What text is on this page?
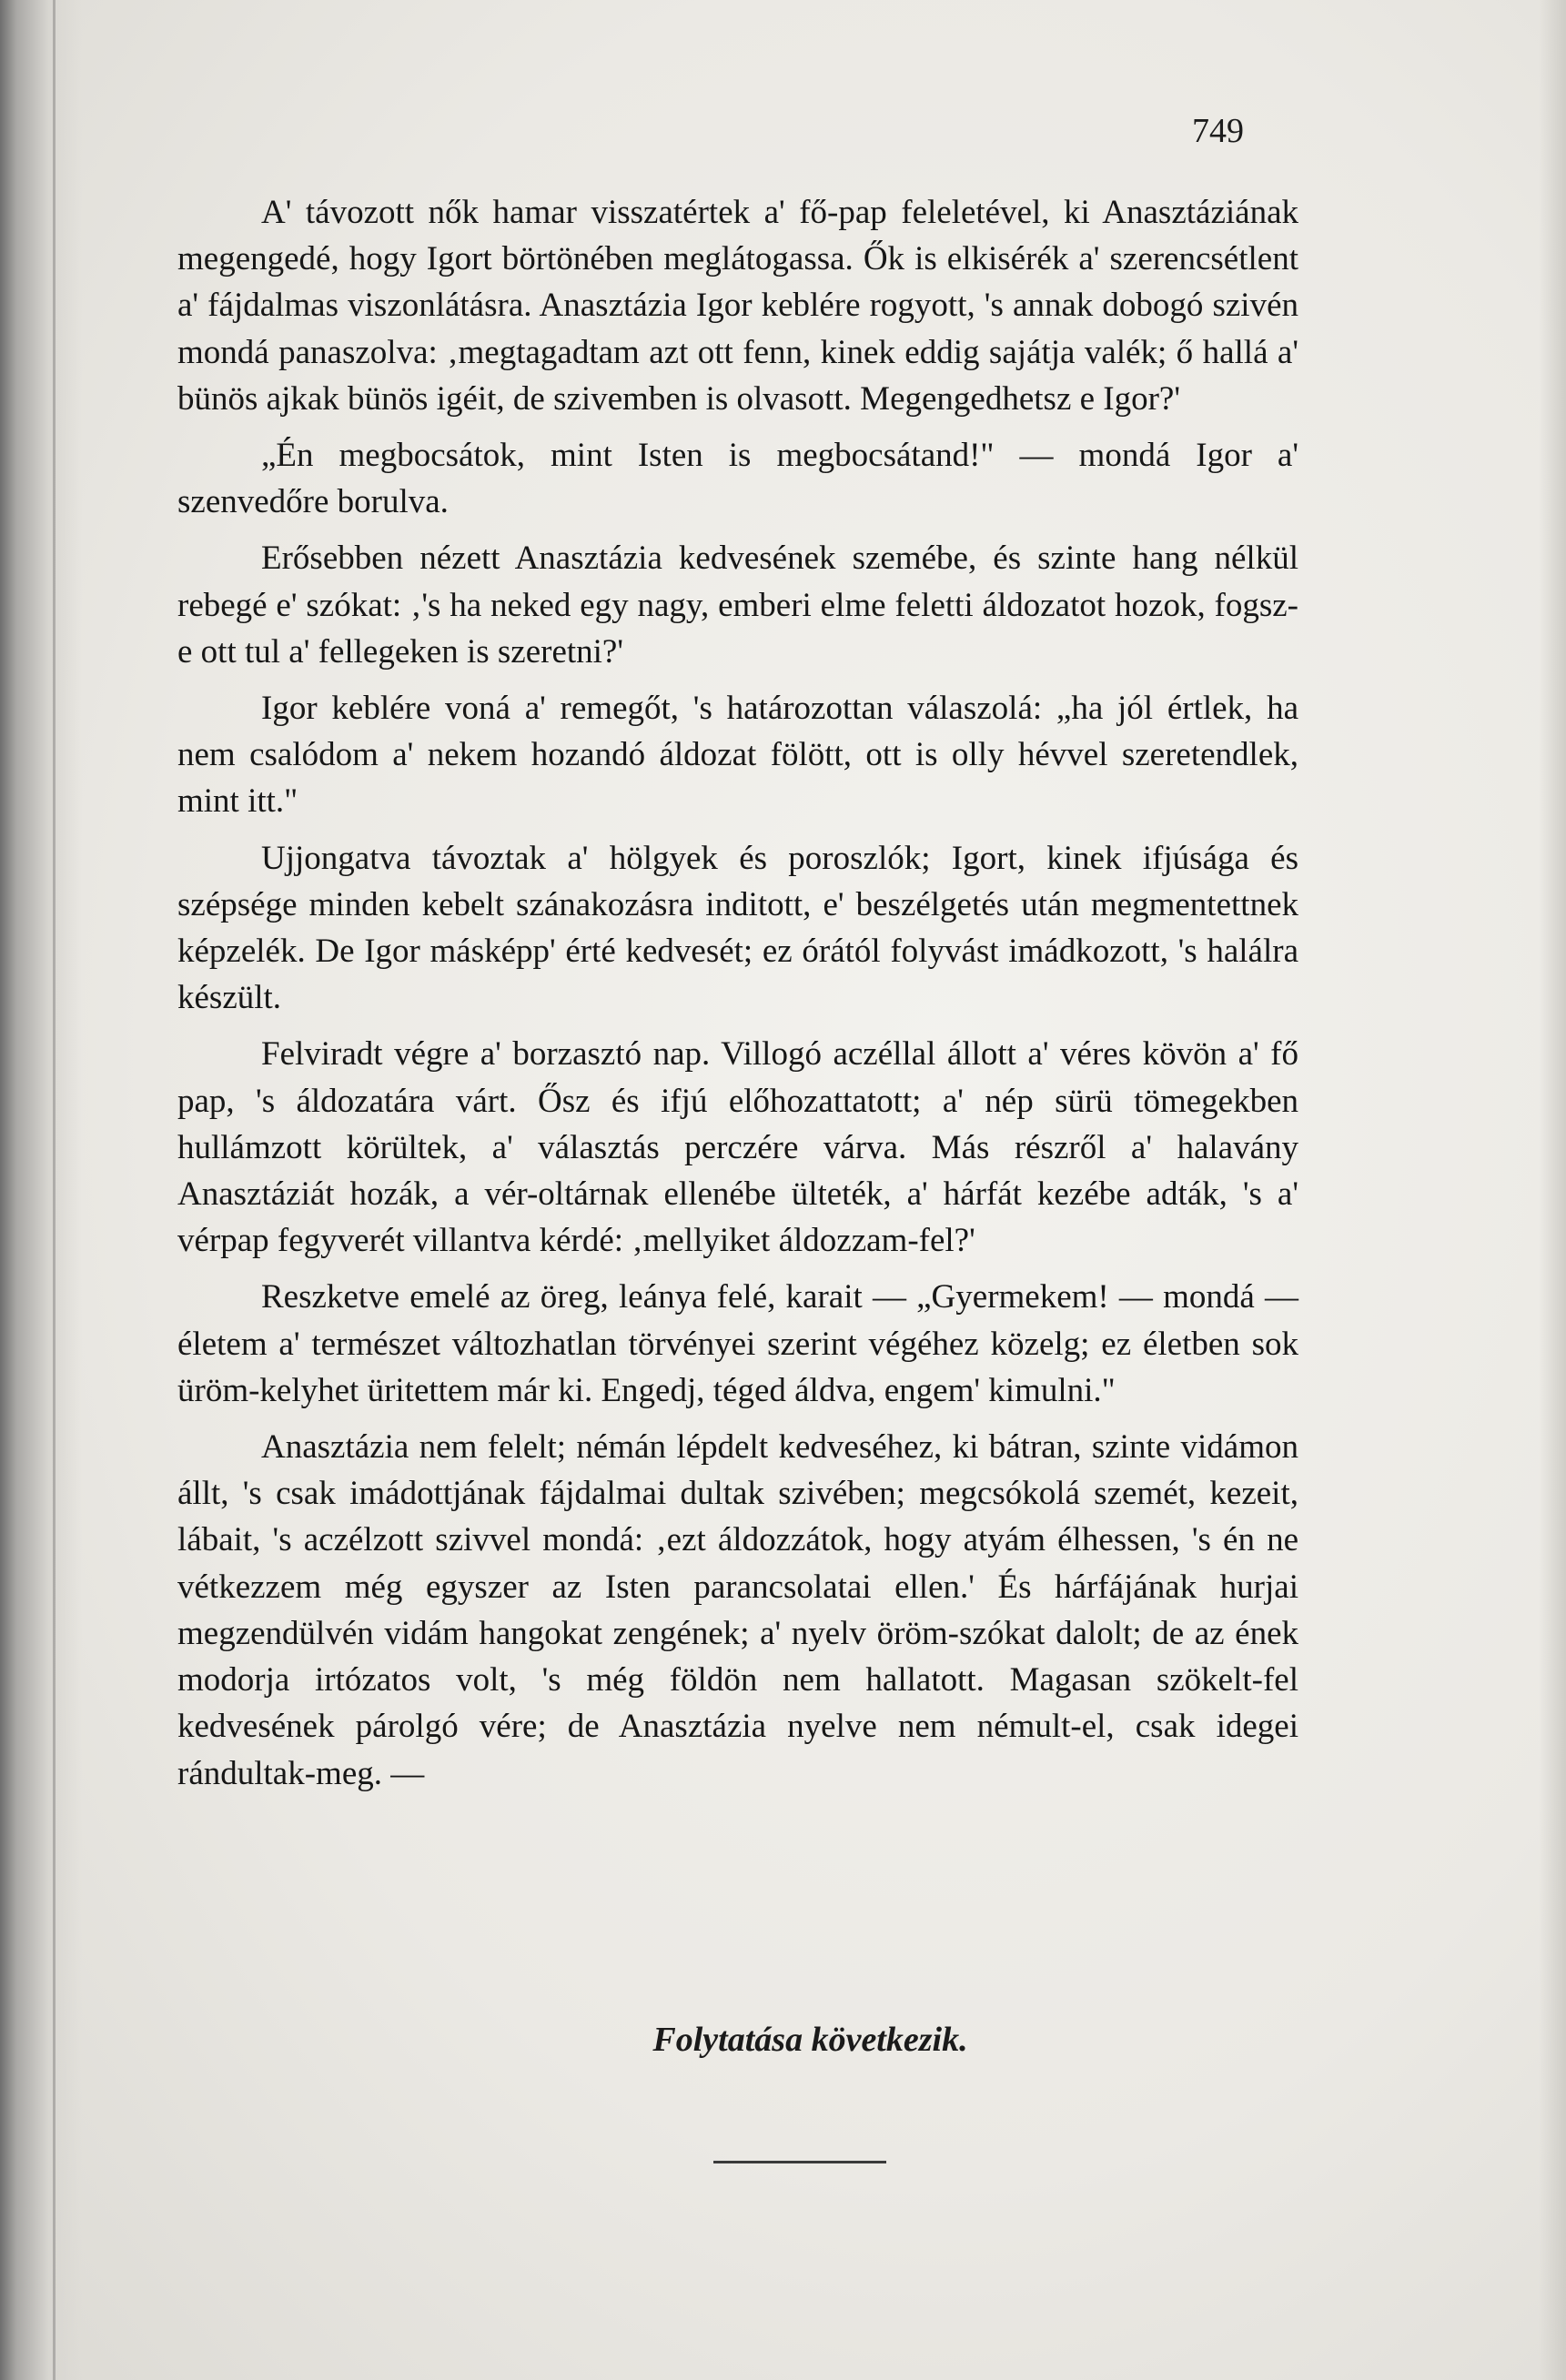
749

A' távozott nők hamar visszatértek a' fő-pap feleletével, ki Anasztáziának megengedé, hogy Igort börtönében meglátogassa. Ők is elkisérék a' szerencsétlent a' fájdalmas viszonlátásra. Anasztázia Igor keblére rogyott, 's annak dobogó szivén mondá panaszolva: ‚megtagadtam azt ott fenn, kinek eddig sajátja valék; ő hallá a' bünös ajkak bünös igéit, de szivemben is olvasott. Megengedhetsz e Igor?'

„Én megbocsátok, mint Isten is megbocsátand!" — mondá Igor a' szenvedőre borulva.

Erősebben nézett Anasztázia kedvesének szemébe, és szinte hang nélkül rebegé e' szókat: ‚'s ha neked egy nagy, emberi elme feletti áldozatot hozok, fogsz-e ott tul a' fellegeken is szeretni?'

Igor keblére voná a' remegőt, 's határozottan válaszolá: „ha jól értlek, ha nem csalódom a' nekem hozandó áldozat fölött, ott is olly hévvel szeretendlek, mint itt."

Ujjongatva távoztak a' hölgyek és poroszlók; Igort, kinek ifjúsága és szépsége minden kebelt szánakozásra inditott, e' beszélgetés után megmentettnek képzelék. De Igor másképp' érté kedvesét; ez órától folyvást imádkozott, 's halálra készült.

Felviradt végre a' borzasztó nap. Villogó aczéllal állott a' véres kövön a' fő pap, 's áldozatára várt. Ősz és ifjú előhozattatott; a' nép sürü tömegekben hullámzott körültek, a' választás perczére várva. Más részről a' halavány Anasztáziát hozák, a vér-oltárnak ellenébe ülteték, a' hárfát kezébe adták, 's a' vérpap fegyverét villantva kérdé: ‚mellyiket áldozzam-fel?'

Reszketve emelé az öreg, leánya felé, karait — „Gyermekem! — mondá — életem a' természet változhatlan törvényei szerint végéhez közelg; ez életben sok üröm-kelyhet üritettem már ki. Engedj, téged áldva, engem' kimulni."

Anasztázia nem felelt; némán lépdelt kedveséhez, ki bátran, szinte vidámon állt, 's csak imádottjának fájdalmai dultak szivében; megcsókolá szemét, kezeit, lábait, 's aczélzott szivvel mondá: ‚ezt áldozzátok, hogy atyám élhessen, 's én ne vétkezzem még egyszer az Isten parancsolatai ellen.' És hárfájának hurjai megzendülvén vidám hangokat zengének; a' nyelv öröm-szókat dalolt; de az ének modorja irtózatos volt, 's még földön nem hallatott. Magasan szökelt-fel kedvesének párolgó vére; de Anasztázia nyelve nem némult-el, csak idegei rándultak-meg. —

Folytatása következik.
